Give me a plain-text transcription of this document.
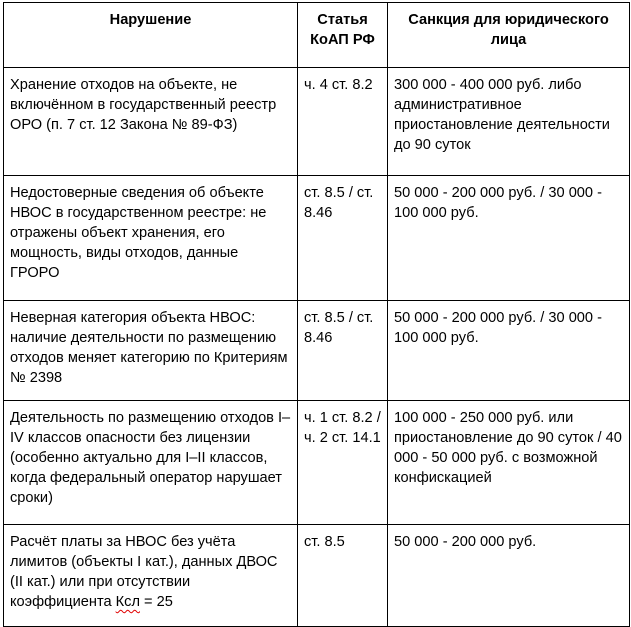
Нарушение	Статья КоАП РФ	Санкция для юридического лица
Хранение отходов на объекте, не включённом в государственный реестр ОРО (п. 7 ст. 12 Закона № 89-ФЗ)	ч. 4 ст. 8.2	300 000 - 400 000 руб. либо административное приостановление деятельности до 90 суток
Недостоверные сведения об объекте НВОС в государственном реестре: не отражены объект хранения, его мощность, виды отходов, данные ГРОРО	ст. 8.5 / ст. 8.46	50 000 - 200 000 руб. / 30 000 - 100 000 руб.
Неверная категория объекта НВОС: наличие деятельности по размещению отходов меняет категорию по Критериям № 2398	ст. 8.5 / ст. 8.46	50 000 - 200 000 руб. / 30 000 - 100 000 руб.
Деятельность по размещению отходов I–IV классов опасности без лицензии (особенно актуально для I–II классов, когда федеральный оператор нарушает сроки)	ч. 1 ст. 8.2 / ч. 2 ст. 14.1	100 000 - 250 000 руб. или приостановление до 90 суток / 40 000 - 50 000 руб. с возможной конфискацией
Расчёт платы за НВОС без учёта лимитов (объекты I кат.), данных ДВОС (II кат.) или при отсутствии коэффициента Ксл = 25	ст. 8.5	50 000 - 200 000 руб.
